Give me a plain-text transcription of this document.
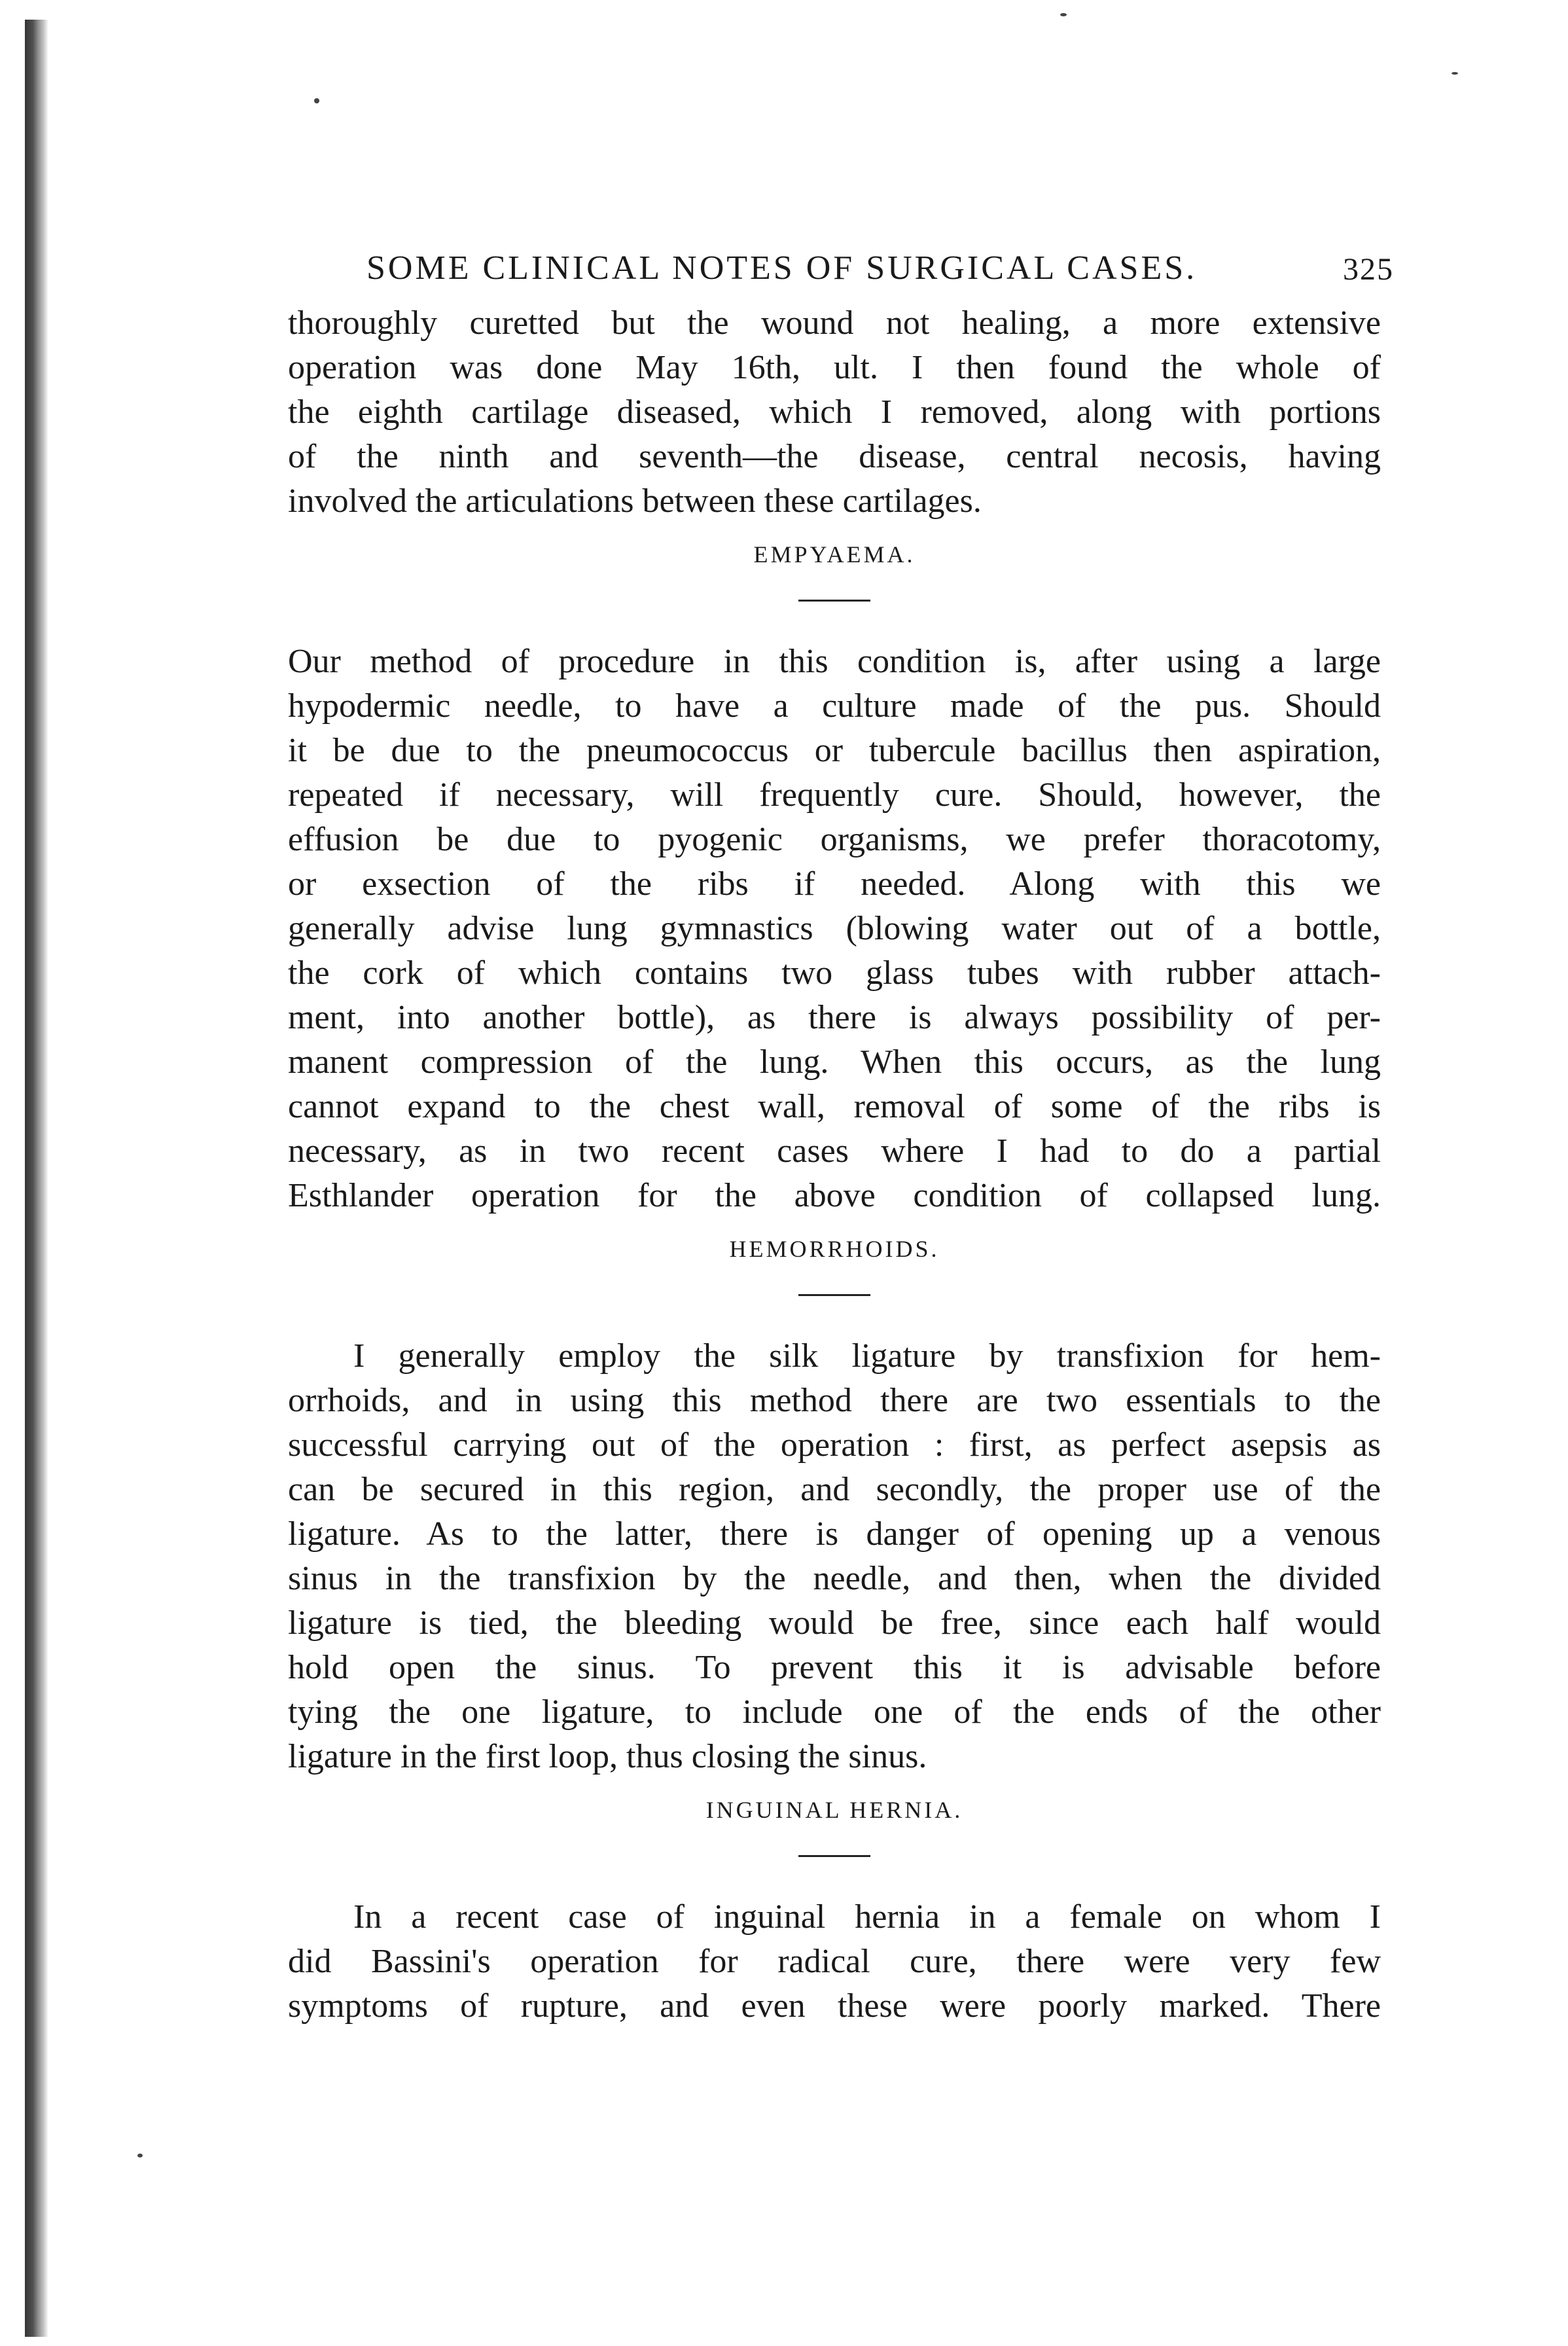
SOME CLINICAL NOTES OF SURGICAL CASES.	325

thoroughly curetted but the wound not healing, a more extensive
operation was done May 16th, ult. I then found the whole of
the eighth cartilage diseased, which I removed, along with portions
of the ninth and seventh—the disease, central necosis, having
involved the articulations between these cartilages.

EMPYAEMA.

Our method of procedure in this condition is, after using a large
hypodermic needle, to have a culture made of the pus. Should
it be due to the pneumococcus or tubercule bacillus then aspiration,
repeated if necessary, will frequently cure. Should, however, the
effusion be due to pyogenic organisms, we prefer thoracotomy,
or exsection of the ribs if needed. Along with this we
generally advise lung gymnastics (blowing water out of a bottle,
the cork of which contains two glass tubes with rubber attach-
ment, into another bottle), as there is always possibility of per-
manent compression of the lung. When this occurs, as the lung
cannot expand to the chest wall, removal of some of the ribs is
necessary, as in two recent cases where I had to do a partial
Esthlander operation for the above condition of collapsed lung.

HEMORRHOIDS.

I generally employ the silk ligature by transfixion for hem-
orrhoids, and in using this method there are two essentials to the
successful carrying out of the operation : first, as perfect asepsis as
can be secured in this region, and secondly, the proper use of the
ligature. As to the latter, there is danger of opening up a venous
sinus in the transfixion by the needle, and then, when the divided
ligature is tied, the bleeding would be free, since each half would
hold open the sinus. To prevent this it is advisable before
tying the one ligature, to include one of the ends of the other
ligature in the first loop, thus closing the sinus.

INGUINAL HERNIA.

In a recent case of inguinal hernia in a female on whom I
did Bassini's operation for radical cure, there were very few
symptoms of rupture, and even these were poorly marked. There
